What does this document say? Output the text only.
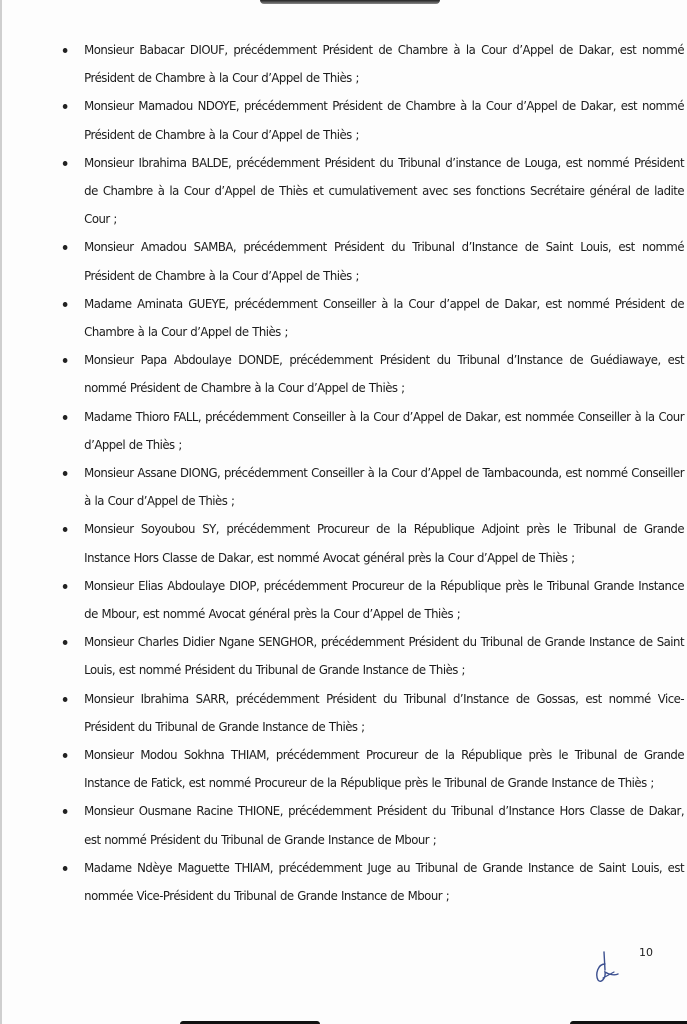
Monsieur Babacar DIOUF, précédemment Président de Chambre à la Cour d’Appel de Dakar, est nommé Président de Chambre à la Cour d’Appel de Thiès ;
Monsieur Mamadou NDOYE, précédemment Président de Chambre à la Cour d’Appel de Dakar, est nommé Président de Chambre à la Cour d’Appel de Thiès ;
Monsieur Ibrahima BALDE, précédemment Président du Tribunal d’instance de Louga, est nommé Président de Chambre à la Cour d’Appel de Thiès et cumulativement avec ses fonctions Secrétaire général de ladite Cour ;
Monsieur Amadou SAMBA, précédemment Président du Tribunal d’Instance de Saint Louis, est nommé Président de Chambre à la Cour d’Appel de Thiès ;
Madame Aminata GUEYE, précédemment Conseiller à la Cour d’appel de Dakar, est nommé Président de Chambre à la Cour d’Appel de Thiès ;
Monsieur Papa Abdoulaye DONDE, précédemment Président du Tribunal d’Instance de Guédiawaye, est nommé Président de Chambre à la Cour d’Appel de Thiès ;
Madame Thioro FALL, précédemment Conseiller à la Cour d’Appel de Dakar, est nommée Conseiller à la Cour d’Appel de Thiès ;
Monsieur Assane DIONG, précédemment Conseiller à la Cour d’Appel de Tambacounda, est nommé Conseiller à la Cour d’Appel de Thiès ;
Monsieur Soyoubou SY, précédemment Procureur de la République Adjoint près le Tribunal de Grande Instance Hors Classe de Dakar, est nommé Avocat général près la Cour d’Appel de Thiès ;
Monsieur Elias Abdoulaye DIOP, précédemment Procureur de la République près le Tribunal Grande Instance de Mbour, est nommé Avocat général près la Cour d’Appel de Thiès ;
Monsieur Charles Didier Ngane SENGHOR, précédemment Président du Tribunal de Grande Instance de Saint Louis, est nommé Président du Tribunal de Grande Instance de Thiès ;
Monsieur Ibrahima SARR, précédemment Président du Tribunal d’Instance de Gossas, est nommé Vice-Président du Tribunal de Grande Instance de Thiès ;
Monsieur Modou Sokhna THIAM, précédemment Procureur de la République près le Tribunal de Grande Instance de Fatick, est nommé Procureur de la République près le Tribunal de Grande Instance de Thiès ;
Monsieur Ousmane Racine THIONE, précédemment Président du Tribunal d’Instance Hors Classe de Dakar, est nommé Président du Tribunal de Grande Instance de Mbour ;
Madame Ndèye Maguette THIAM, précédemment Juge au Tribunal de Grande Instance de Saint Louis, est nommée Vice-Président du Tribunal de Grande Instance de Mbour ;
10
